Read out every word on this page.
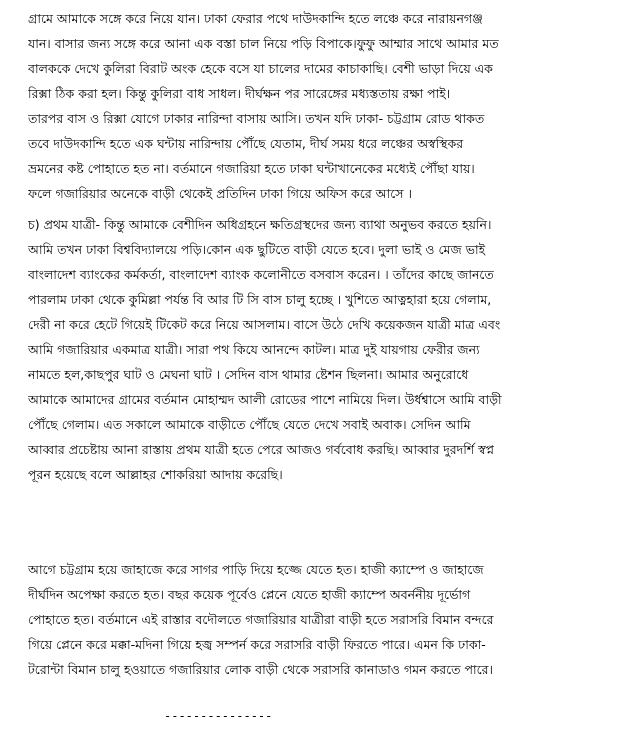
গ্রামে আমাকে সঙ্গে করে নিয়ে যান। ঢাকা ফেরার পথে দাউদকান্দি হতে লঞ্চে করে নারায়নগঞ্জ
যান। বাসার জন্য সঙ্গে করে আনা এক বস্তা চাল নিয়ে পড়ি বিপাকে।ফুফু আম্মার সাথে আমার মত
বালককে দেখে কুলিরা বিরাট অংক হেকে বসে যা চালের দামের কাচাকাছি। বেশী ভাড়া দিয়ে এক
রিক্সা ঠিক করা হল। কিন্তু কুলিরা বাধ সাধল। দীর্ঘক্ষন পর সারেঙ্গের মধ্যস্ততায় রক্ষা পাই।
তারপর বাস ও রিক্সা যোগে ঢাকার নারিন্দা বাসায় আসি। তখন যদি ঢাকা- চট্টগ্রাম রোড থাকত
তবে দাউদকান্দি হতে এক ঘন্টায় নারিন্দায় পৌঁছে যেতাম, দীর্ঘ সময় ধরে লঞ্চের অস্বস্থিকর
ভ্রমনের কষ্ট পোহাতে হত না। বর্তমানে গজারিয়া হতে ঢাকা ঘন্টাখানেকের মধ্যেই পৌঁছা যায়।
ফলে গজারিয়ার অনেকে বাড়ী থেকেই প্রতিদিন ঢাকা গিয়ে অফিস করে আসে ।
চ) প্রথম যাত্রী- কিন্তু আমাকে বেশীদিন অধিগ্রহনে ক্ষতিগ্রস্থদের জন্য ব্যাথা অনুভব করতে হয়নি।
আমি তখন ঢাকা বিশ্ববিদ্যালয়ে পড়ি।কোন এক ছুটিতে বাড়ী যেতে হবে। দুলা ভাই ও মেজ ভাই
বাংলাদেশ ব্যাংকের কর্মকর্তা, বাংলাদেশ ব্যাংক কলোনীতে বসবাস করেন। । তাঁদের কাছে জানতে
পারলাম ঢাকা থেকে কুমিল্লা পর্যন্ত বি আর টি সি বাস চালু হচ্ছে । খুশিতে আত্নহারা হয়ে গেলাম,
দেরী না করে হেটে গিয়েই টিকেট করে নিয়ে আসলাম। বাসে উঠে দেখি কয়েকজন যাত্রী মাত্র এবং
আমি গজারিয়ার একমাত্র যাত্রী। সারা পথ কিযে আনন্দে কাটল। মাত্র দুই যায়গায় ফেরীর জন্য
নামতে হল,কাছপুর ঘাট ও মেঘনা ঘাট । সেদিন বাস থামার ষ্টেশন ছিলনা। আমার অনুরোধে
আমাকে আমাদের গ্রামের বর্তমান মোহাম্মদ আলী রোডের পাশে নামিয়ে দিল। উর্ধশ্বাসে আমি বাড়ী
পৌঁছে গেলাম। এত সকালে আমাকে বাড়ীতে পৌঁছে যেতে দেখে সবাই অবাক। সেদিন আমি
আব্বার প্রচেষ্টায় আনা রাস্তায় প্রথম যাত্রী হতে পেরে আজও গর্ববোধ করছি। আব্বার দুরদর্শি স্বপ্ন
পূরন হয়েছে বলে আল্লাহর শোকরিয়া আদায় করেছি।
আগে চট্টগ্রাম হয়ে জাহাজে করে সাগর পাড়ি দিয়ে হজ্জে যেতে হত। হাজী ক্যাম্পে ও জাহাজে
দীর্ঘদিন অপেক্ষা করতে হত। বছর কয়েক পূর্বেও প্লেনে যেতে হাজী ক্যাম্পে অবর্ননীয় দূর্ভোগ
পোহাতে হত। বর্তমানে এই রাস্তার বদৌলতে গজারিয়ার যাত্রীরা বাড়ী হতে সরাসরি বিমান বন্দরে
গিয়ে প্লেনে করে মক্কা-মদিনা গিয়ে হজ্ব সম্পর্ন করে সরাসরি বাড়ী ফিরতে পারে। এমন কি ঢাকা-
টরোন্টা বিমান চালু হওয়াতে গজারিয়ার লোক বাড়ী থেকে সরাসরি কানাডাও গমন করতে পারে।
---------------
